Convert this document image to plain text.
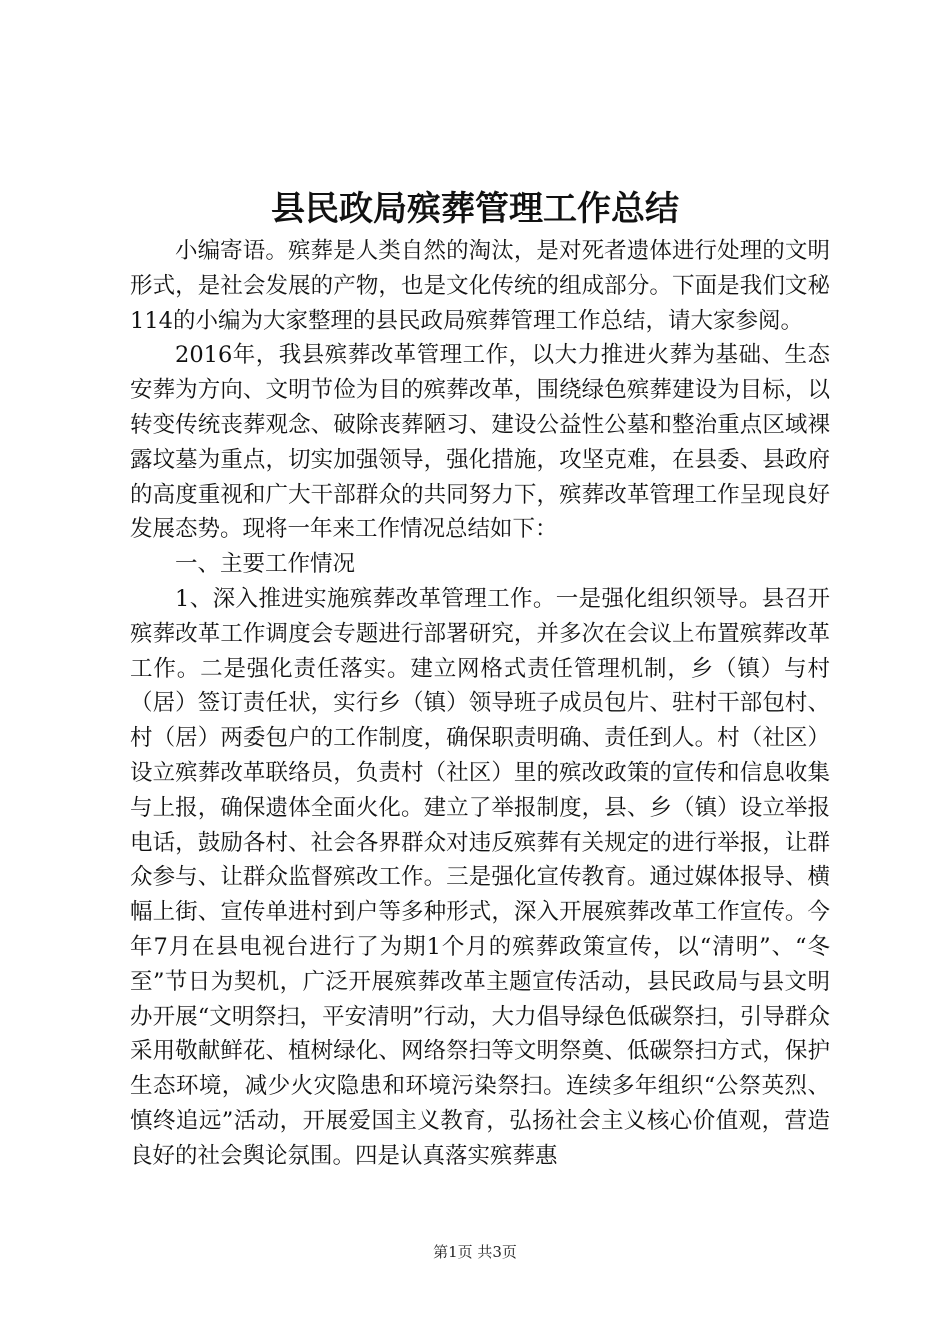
县民政局殡葬管理工作总结

小编寄语。殡葬是人类自然的淘汰，是对死者遗体进行处理的文明形式，是社会发展的产物，也是文化传统的组成部分。下面是我们文秘114的小编为大家整理的县民政局殡葬管理工作总结，请大家参阅。

2016年，我县殡葬改革管理工作，以大力推进火葬为基础、生态安葬为方向、文明节俭为目的殡葬改革，围绕绿色殡葬建设为目标，以转变传统丧葬观念、破除丧葬陋习、建设公益性公墓和整治重点区域裸露坟墓为重点，切实加强领导，强化措施，攻坚克难，在县委、县政府的高度重视和广大干部群众的共同努力下，殡葬改革管理工作呈现良好发展态势。现将一年来工作情况总结如下：

一、主要工作情况

1、深入推进实施殡葬改革管理工作。一是强化组织领导。县召开殡葬改革工作调度会专题进行部署研究，并多次在会议上布置殡葬改革工作。二是强化责任落实。建立网格式责任管理机制，乡（镇）与村（居）签订责任状，实行乡（镇）领导班子成员包片、驻村干部包村、村（居）两委包户的工作制度，确保职责明确、责任到人。村（社区）设立殡葬改革联络员，负责村（社区）里的殡改政策的宣传和信息收集与上报，确保遗体全面火化。建立了举报制度，县、乡（镇）设立举报电话，鼓励各村、社会各界群众对违反殡葬有关规定的进行举报，让群众参与、让群众监督殡改工作。三是强化宣传教育。通过媒体报导、横幅上街、宣传单进村到户等多种形式，深入开展殡葬改革工作宣传。今年7月在县电视台进行了为期1个月的殡葬政策宣传，以“清明”、“冬至”节日为契机，广泛开展殡葬改革主题宣传活动，县民政局与县文明办开展“文明祭扫，平安清明”行动，大力倡导绿色低碳祭扫，引导群众采用敬献鲜花、植树绿化、网络祭扫等文明祭奠、低碳祭扫方式，保护生态环境，减少火灾隐患和环境污染祭扫。连续多年组织“公祭英烈、慎终追远”活动，开展爱国主义教育，弘扬社会主义核心价值观，营造良好的社会舆论氛围。四是认真落实殡葬惠

第1页 共3页
